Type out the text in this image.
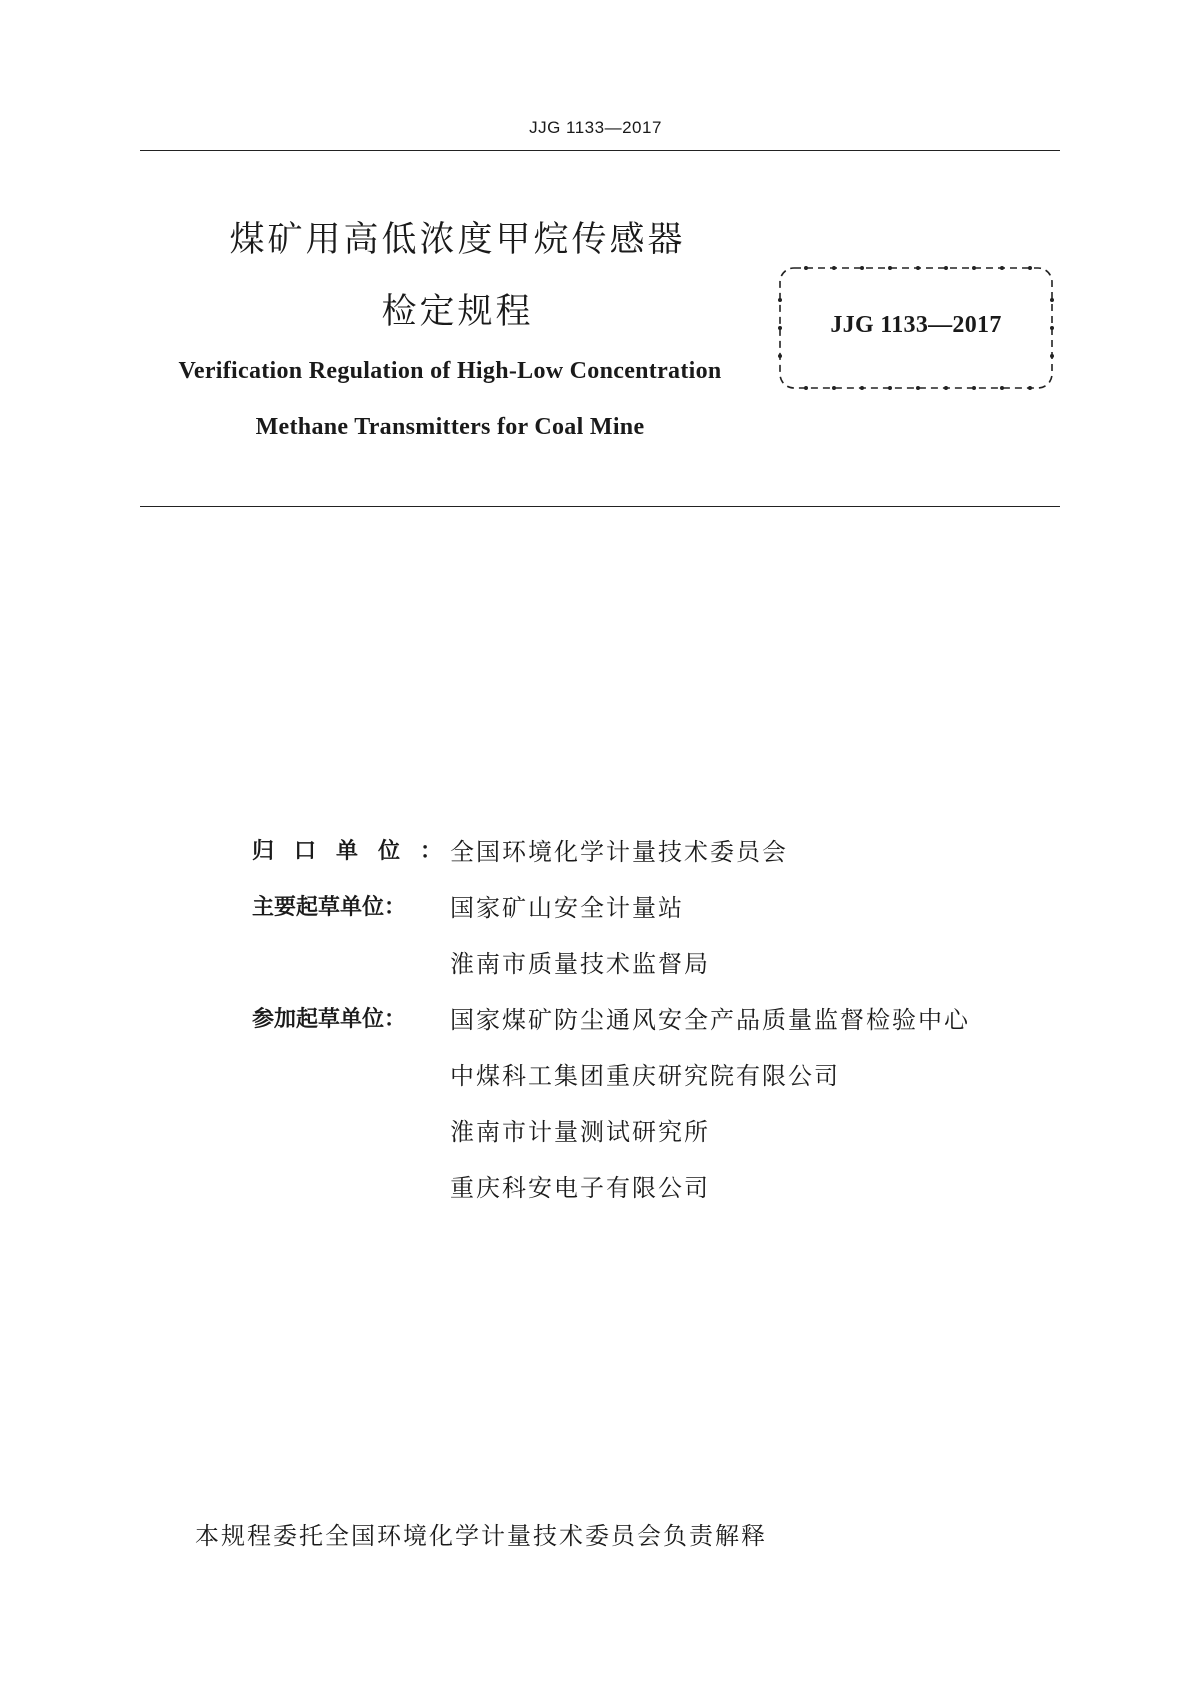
JJG 1133—2017
煤矿用高低浓度甲烷传感器
检定规程
Verification Regulation of High-Low Concentration
Methane Transmitters for Coal Mine
JJG 1133—2017
归口单位： 全国环境化学计量技术委员会
主要起草单位：	国家矿山安全计量站
淮南市质量技术监督局
参加起草单位：	国家煤矿防尘通风安全产品质量监督检验中心
中煤科工集团重庆研究院有限公司
淮南市计量测试研究所
重庆科安电子有限公司
本规程委托全国环境化学计量技术委员会负责解释
